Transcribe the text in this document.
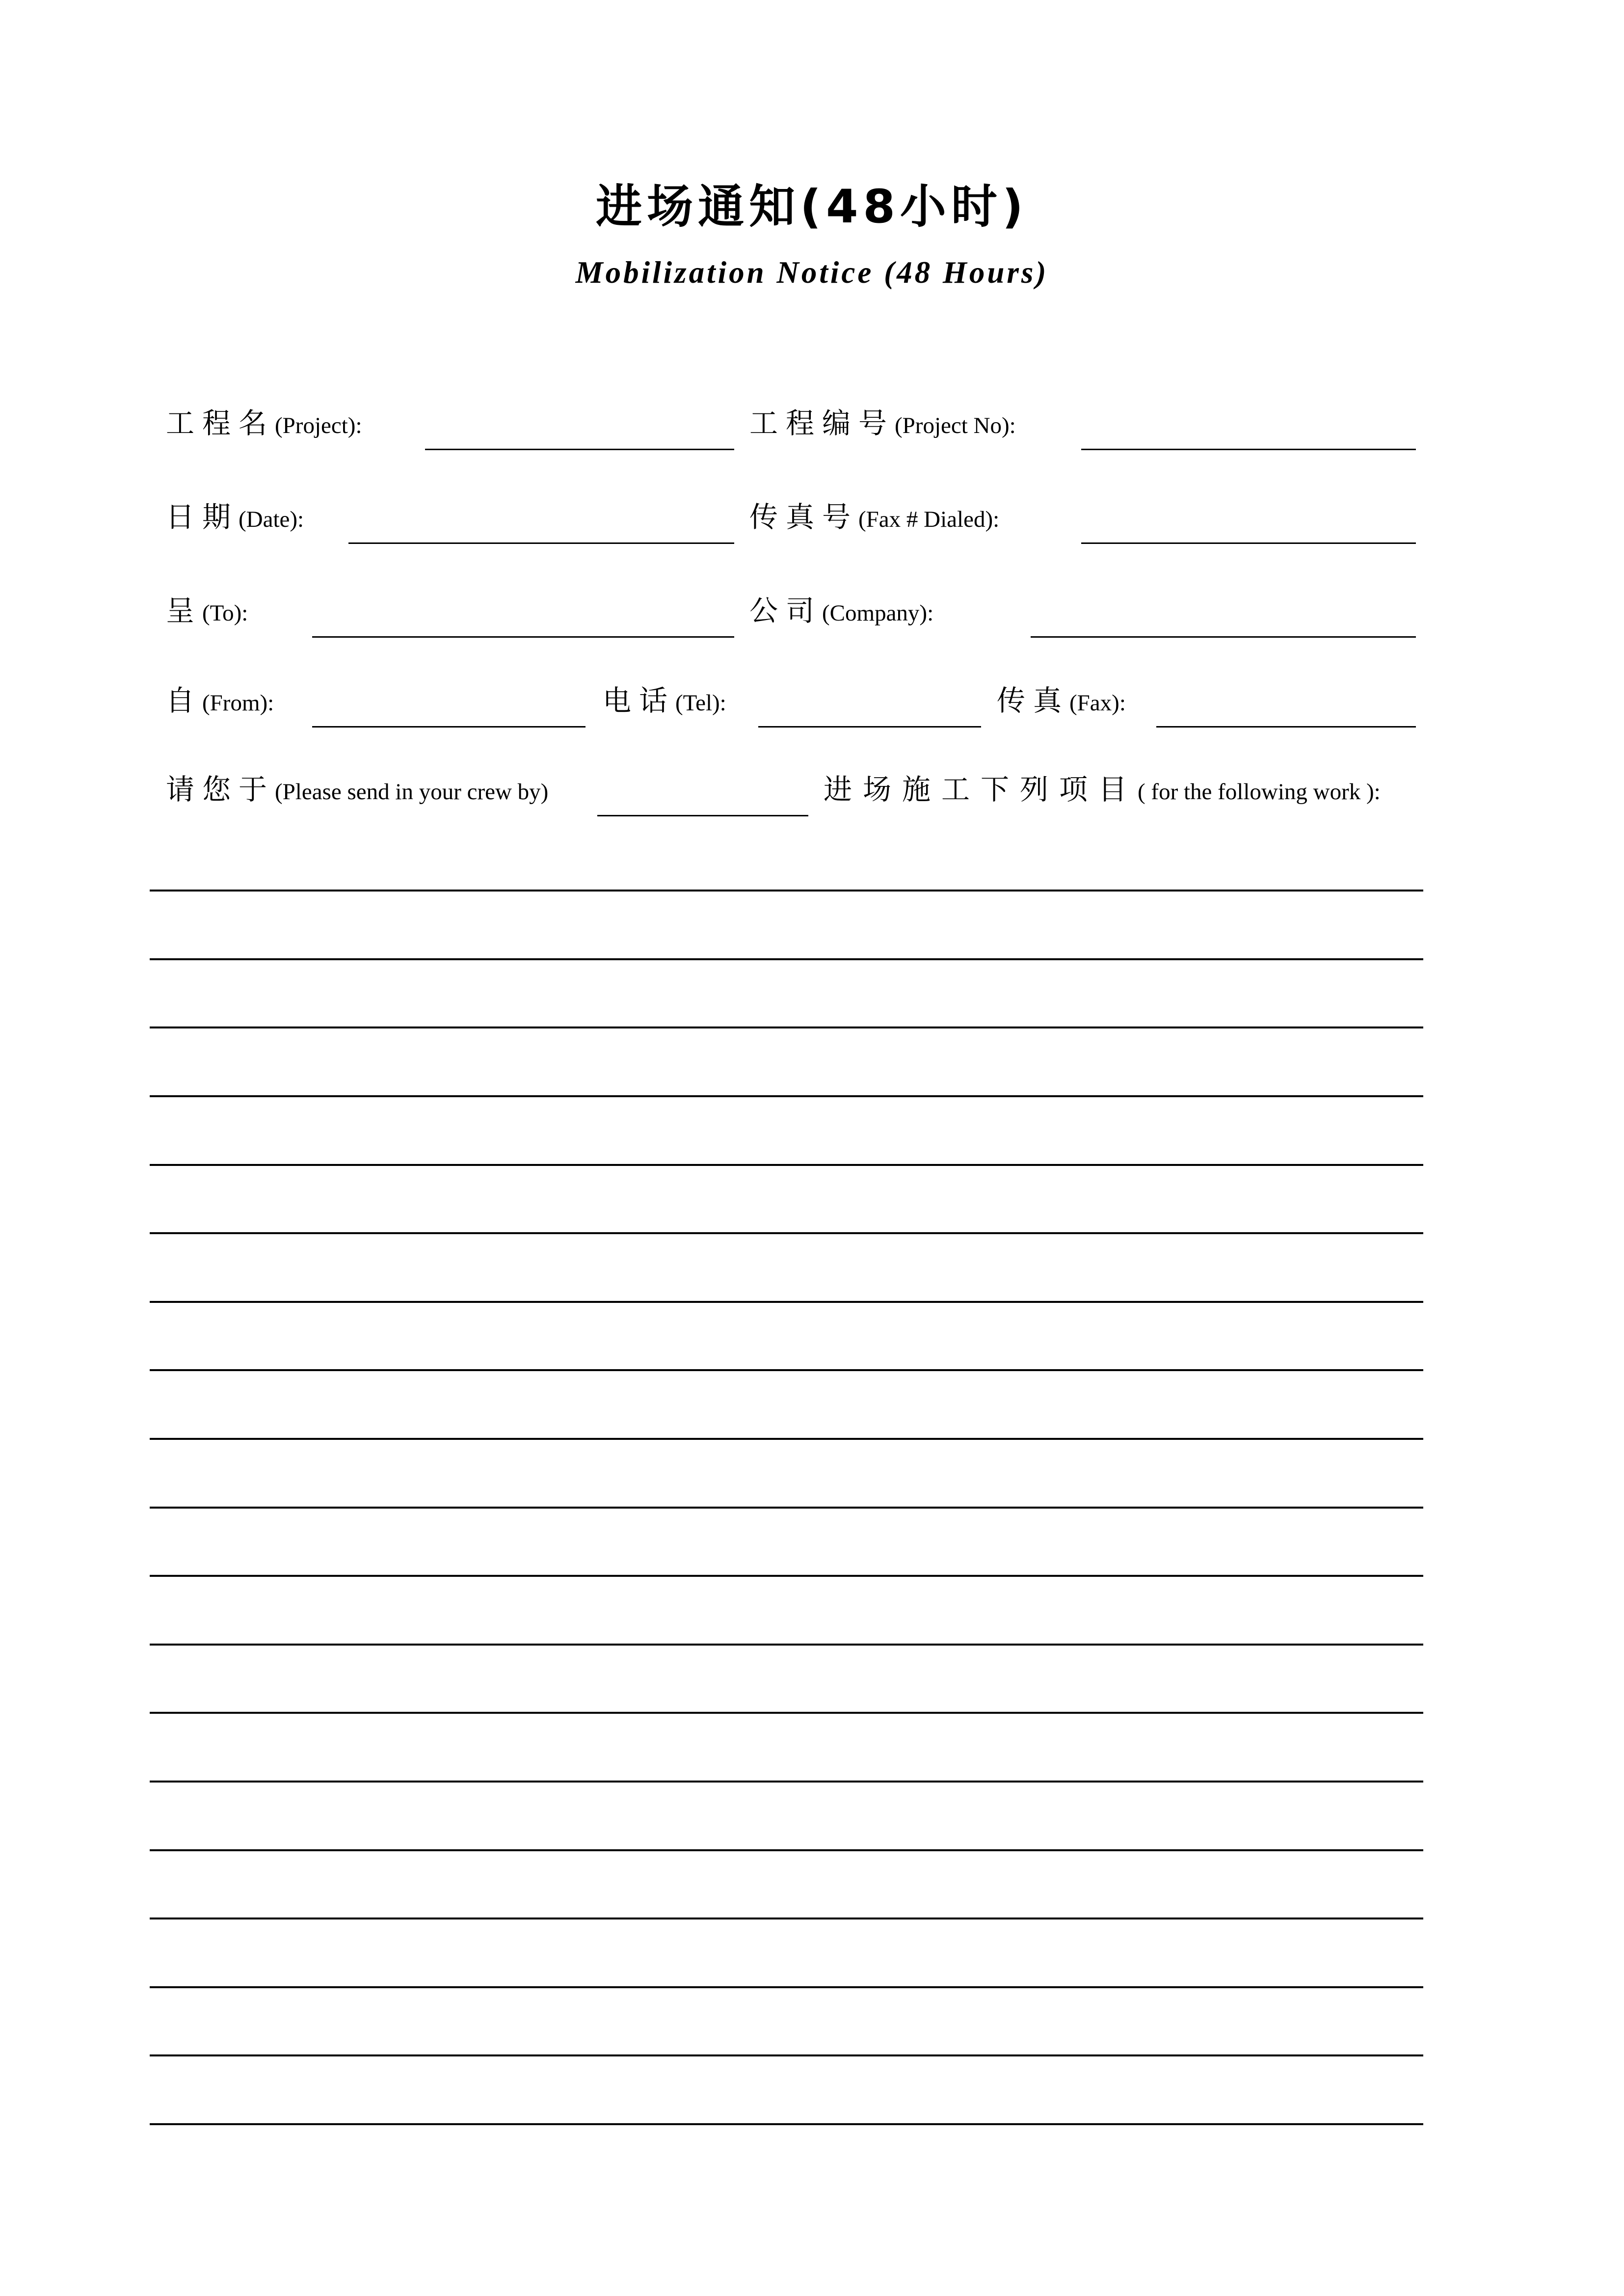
进场通知(48小时)
Mobilization Notice (48 Hours)
工程名(Project):	工程编号(Project No):
日期(Date):	传真号(Fax # Dialed):
呈(To):	公司(Company):
自(From):	电话(Tel):	传真(Fax):
请您于(Please send in your crew by)	进场施工下列项目( for the following work ):
